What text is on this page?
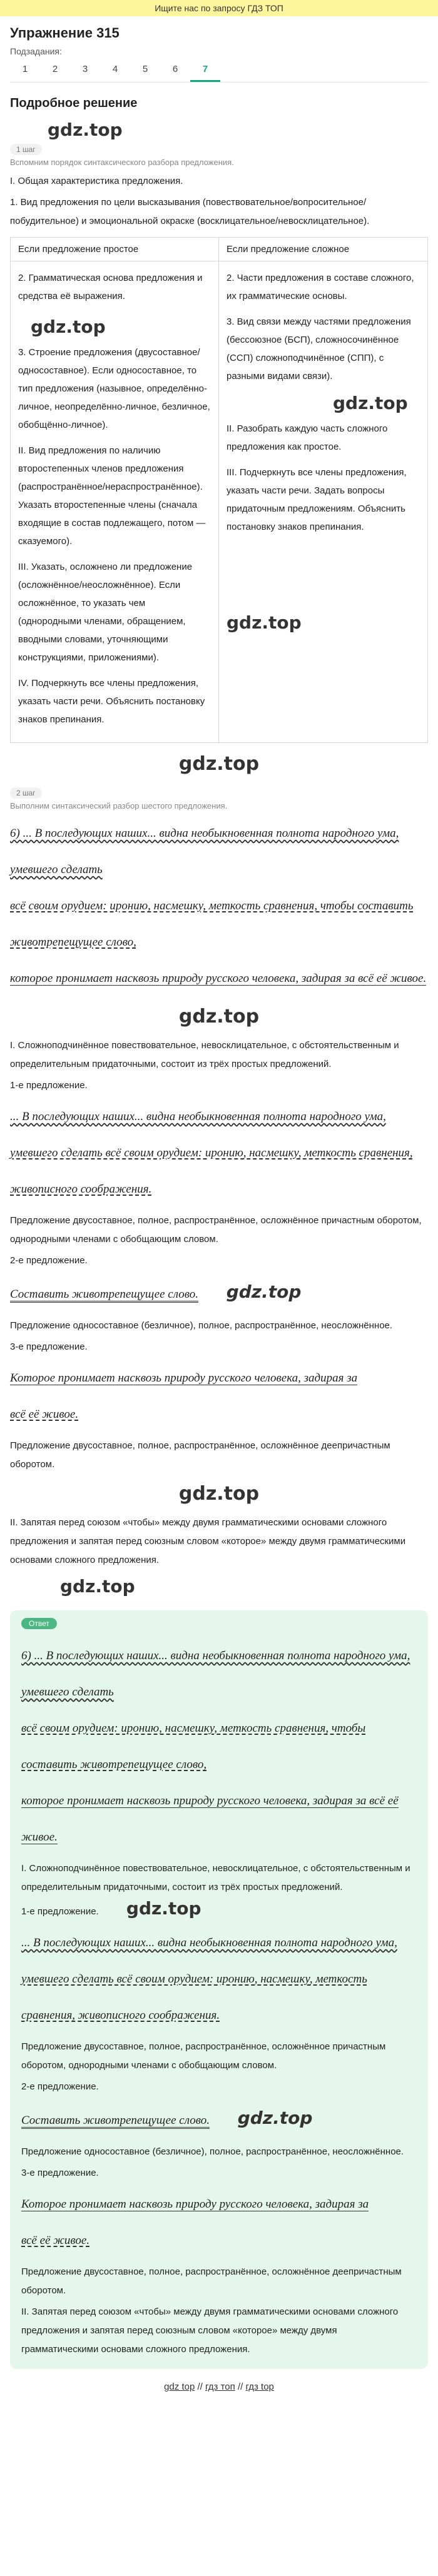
Ищите нас по запросу ГДЗ ТОП
Упражнение 315
Подзадания:
1	2	3	4	5	6	7
Подробное решение
gdz.top
1 шаг
Вспомним порядок синтаксического разбора предложения.
I. Общая характеристика предложения.
1. Вид предложения по цели высказывания (повествовательное/вопросительное/побудительное) и эмоциональной окраске (восклицательное/невосклицательное).
Если предложение простое

2. Грамматическая основа предложения и средства её выражения.

gdz.top

3. Строение предложения (двусоставное/односоставное). Если односоставное, то тип предложения (назывное, определённо-личное, неопределённо-личное, безличное, обобщённо-личное).

II. Вид предложения по наличию второстепенных членов предложения (распространённое/нераспространённое). Указать второстепенные члены (сначала входящие в состав подлежащего, потом — сказуемого).

III. Указать, осложнено ли предложение (осложнённое/неосложнённое). Если осложнённое, то указать чем (однородными членами, обращением, вводными словами, уточняющими конструкциями, приложениями).

IV. Подчеркнуть все члены предложения, указать части речи. Объяснить постановку знаков препинания.

Если предложение сложное

2. Части предложения в составе сложного, их грамматические основы.

3. Вид связи между частями предложения (бессоюзное (БСП), сложносочинённое (ССП) сложноподчинённое (СПП), с разными видами связи).

gdz.top

II. Разобрать каждую часть сложного предложения как простое.

III. Подчеркнуть все члены предложения, указать части речи. Задать вопросы придаточным предложениям. Объяснить постановку знаков препинания.

gdz.top
gdz.top
2 шаг
Выполним синтаксический разбор шестого предложения.
6) ... В последующих наших... видна необыкновенная полнота народного ума, умевшего сделать
всё своим орудием: иронию, насмешку, меткость сравнения, чтобы составить животрепещущее слово,
которое пронимает насквозь природу русского человека, задирая за всё её живое.
gdz.top
I. Сложноподчинённое повествовательное, невосклицательное, с обстоятельственным и определительным придаточными, состоит из трёх простых предложений.
1-е предложение.
... В последующих наших... видна необыкновенная полнота народного ума,
умевшего сделать всё своим орудием: иронию, насмешку, меткость сравнения, живописного соображения.
Предложение двусоставное, полное, распространённое, осложнённое причастным оборотом, однородными членами с обобщающим словом.
2-е предложение.
Составить животрепещущее слово. gdz.top
Предложение односоставное (безличное), полное, распространённое, неосложнённое.
3-е предложение.
Которое пронимает насквозь природу русского человека, задирая за
всё её живое.
Предложение двусоставное, полное, распространённое, осложнённое деепричастным оборотом.
gdz.top
II. Запятая перед союзом «чтобы» между двумя грамматическими основами сложного предложения и запятая перед союзным словом «которое» между двумя грамматическими основами сложного предложения.
gdz.top
Ответ
6) ... В последующих наших... видна необыкновенная полнота народного ума, умевшего сделать
всё своим орудием: иронию, насмешку, меткость сравнения, чтобы составить животрепещущее слово,
которое пронимает насквозь природу русского человека, задирая за всё её живое.
I. Сложноподчинённое повествовательное, невосклицательное, с обстоятельственным и определительным придаточными, состоит из трёх простых предложений.
1-е предложение. gdz.top
... В последующих наших... видна необыкновенная полнота народного ума,
умевшего сделать всё своим орудием: иронию, насмешку, меткость сравнения, живописного соображения.
Предложение двусоставное, полное, распространённое, осложнённое причастным оборотом, однородными членами с обобщающим словом.
2-е предложение.
Составить животрепещущее слово. gdz.top
Предложение односоставное (безличное), полное, распространённое, неосложнённое.
3-е предложение.
Которое пронимает насквозь природу русского человека, задирая за
всё её живое.
Предложение двусоставное, полное, распространённое, осложнённое деепричастным оборотом.
II. Запятая перед союзом «чтобы» между двумя грамматическими основами сложного предложения и запятая перед союзным словом «которое» между двумя грамматическими основами сложного предложения.
gdz top // гдз топ // гдз top
